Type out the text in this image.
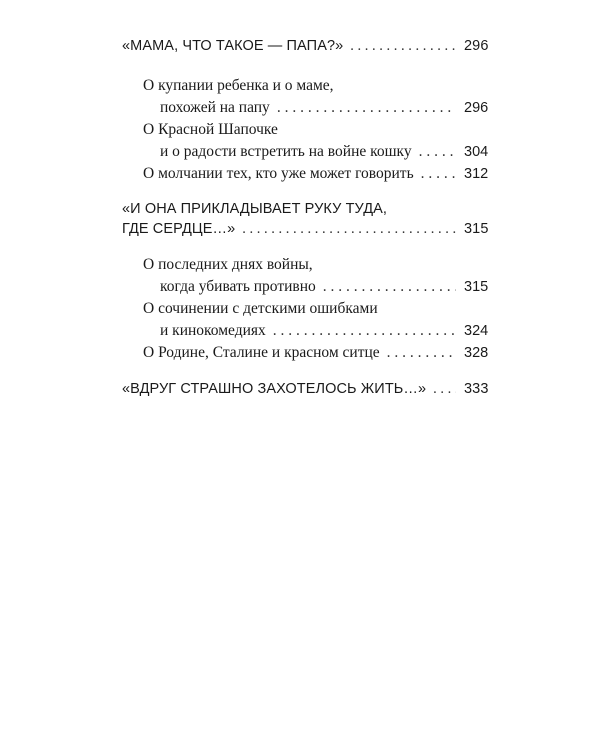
«МАМА, ЧТО ТАКОЕ — ПАПА?» . . .	296
О купании ребенка и о маме,
похожей на папу . . .	296
О Красной Шапочке
и о радости встретить на войне кошку . . .	304
О молчании тех, кто уже может говорить . . .	312
«И ОНА ПРИКЛАДЫВАЕТ РУКУ ТУДА,
ГДЕ СЕРДЦЕ…» . . .	315
О последних днях войны,
когда убивать противно . . .	315
О сочинении с детскими ошибками
и кинокомедиях . . .	324
О Родине, Сталине и красном ситце . . .	328
«ВДРУГ СТРАШНО ЗАХОТЕЛОСЬ ЖИТЬ…» . . .	333
